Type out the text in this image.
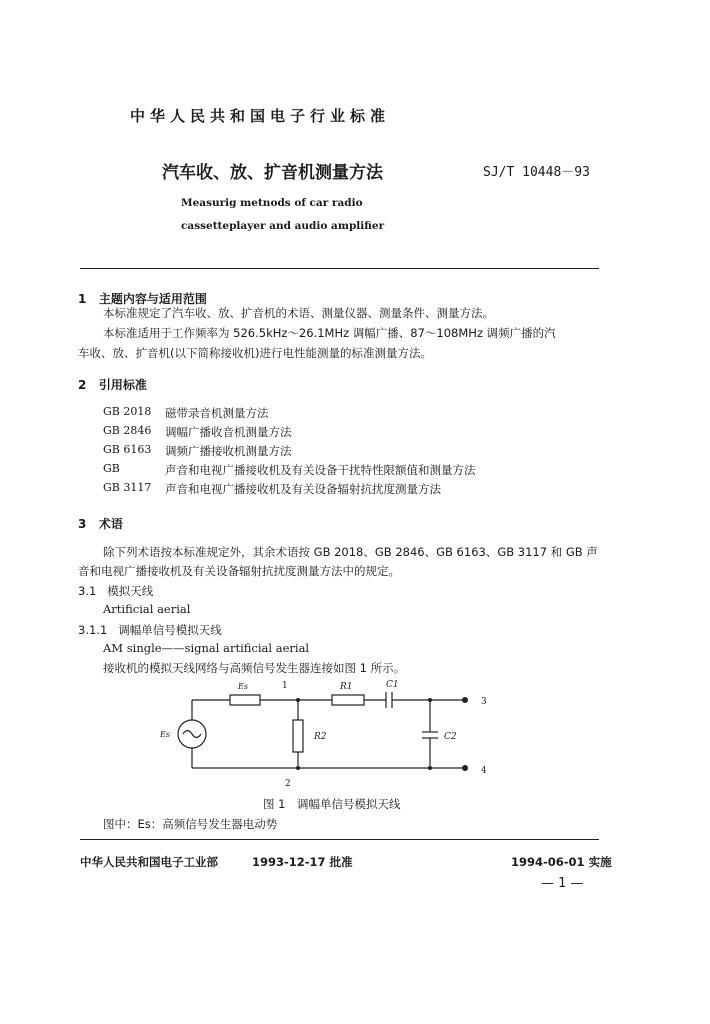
中华人民共和国电子行业标准
汽车收、放、扩音机测量方法	SJ/T 10448－93
Measurig metnods of car radio
cassetteplayer and audio amplifier
1 主题内容与适用范围
本标准规定了汽车收、放、扩音机的术语、测量仪器、测量条件、测量方法。
本标准适用于工作频率为 526.5kHz～26.1MHz 调幅广播、87～108MHz 调频广播的汽
车收、放、扩音机(以下简称接收机)进行电性能测量的标准测量方法。
2 引用标准
GB 2018 磁带录音机测量方法
GB 2846 调幅广播收音机测量方法
GB 6163 调频广播接收机测量方法
GB	声音和电视广播接收机及有关设备干扰特性限额值和测量方法
GB 3117 声音和电视广播接收机及有关设备辐射抗扰度测量方法
3 术语
除下列术语按本标准规定外，其余术语按 GB 2018、GB 2846、GB 6163、GB 3117 和 GB 声
音和电视广播接收机及有关设备辐射抗扰度测量方法中的规定。
3.1 模拟天线
Artificial aerial
3.1.1 调幅单信号模拟天线
AM single——signal artificial aerial
接收机的模拟天线网络与高频信号发生器连接如图 1 所示。
Es	1	R1	C1
3
4
Es	R2	C2
2
图 1　调幅单信号模拟天线
图中：Es：高频信号发生器电动势
中华人民共和国电子工业部	1993-12-17 批准	1994-06-01 实施
— 1 —
